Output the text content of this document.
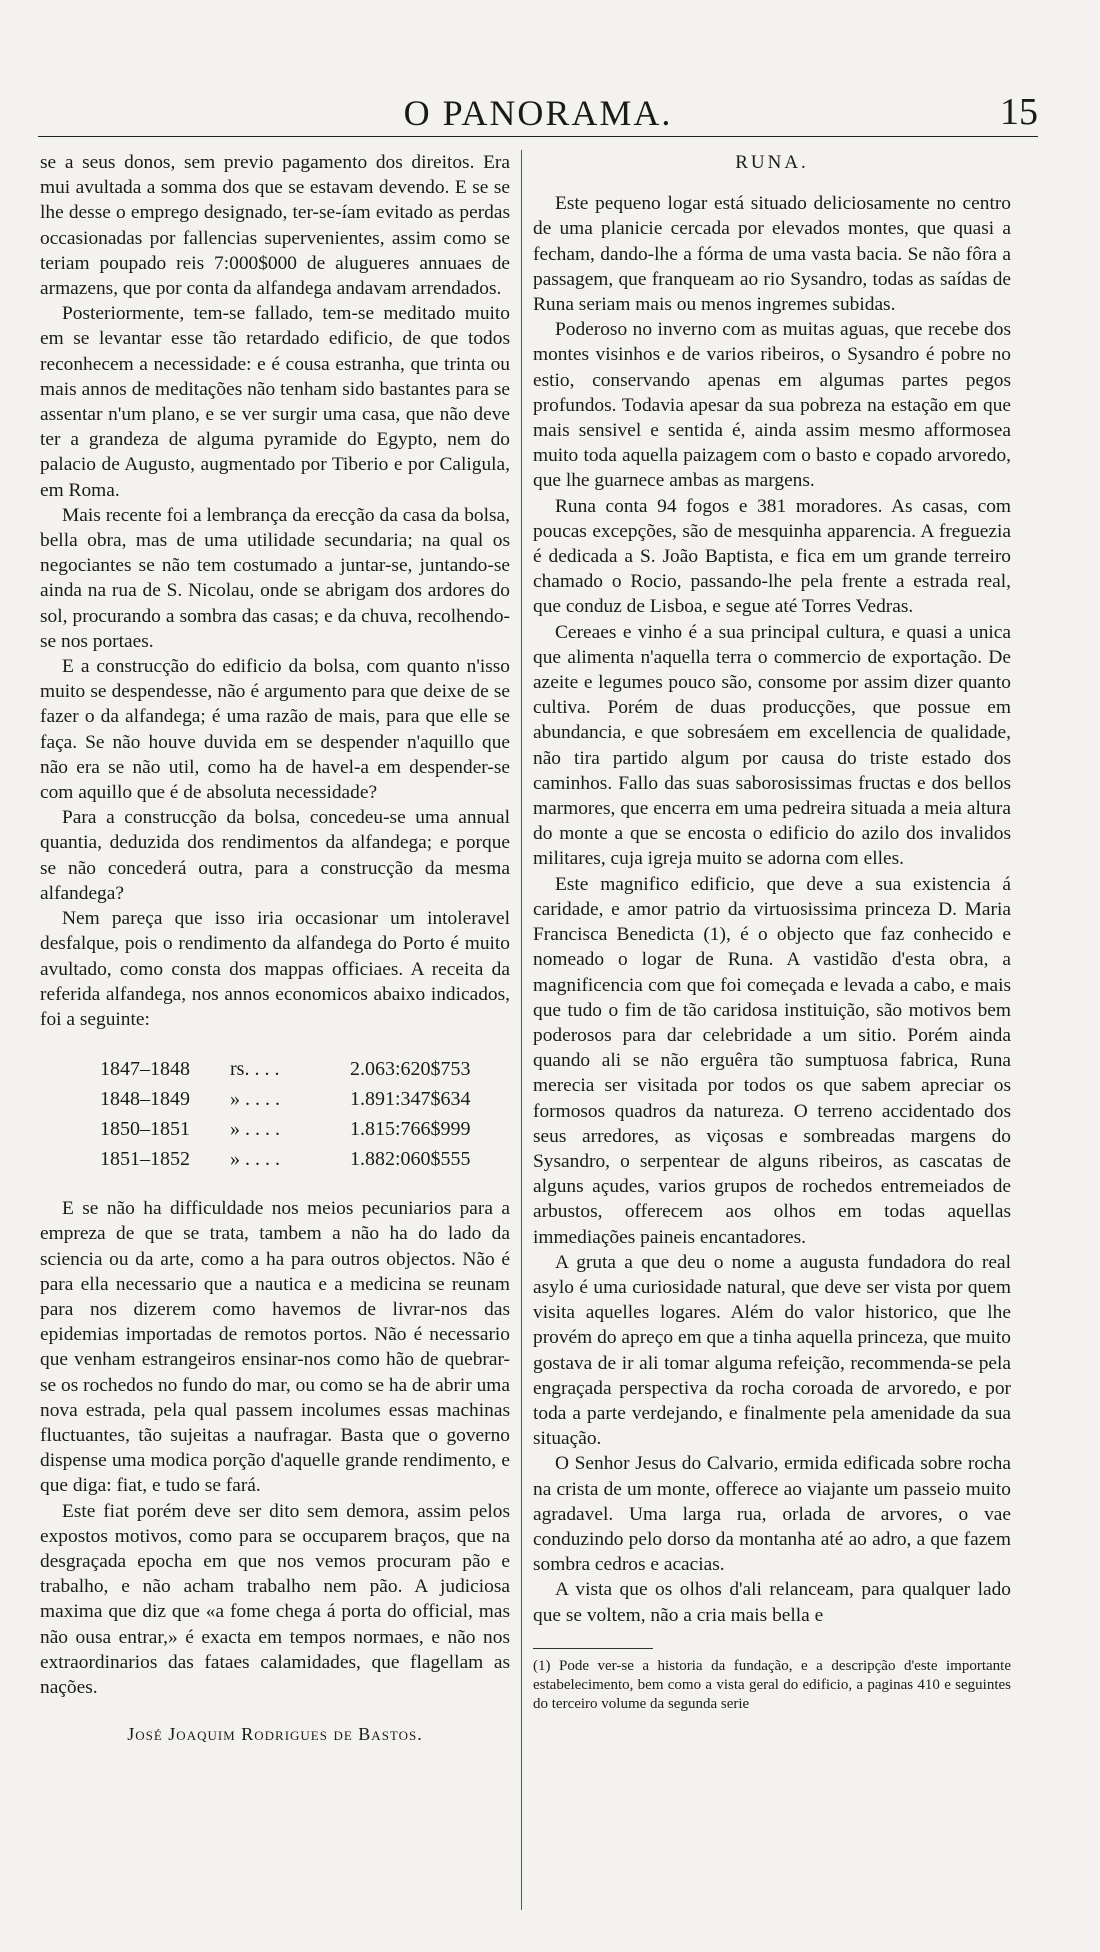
O PANORAMA.	15

se a seus donos, sem previo pagamento dos direitos. Era mui avultada a somma dos que se estavam devendo. E se se lhe desse o emprego designado, ter-se-íam evitado as perdas occasionadas por fallencias supervenientes, assim como se teriam poupado reis 7:000$000 de alugueres annuaes de armazens, que por conta da alfandega andavam arrendados.

Posteriormente, tem-se fallado, tem-se meditado muito em se levantar esse tão retardado edificio, de que todos reconhecem a necessidade: e é cousa estranha, que trinta ou mais annos de meditações não tenham sido bastantes para se assentar n'um plano, e se ver surgir uma casa, que não deve ter a grandeza de alguma pyramide do Egypto, nem do palacio de Augusto, augmentado por Tiberio e por Caligula, em Roma.

Mais recente foi a lembrança da erecção da casa da bolsa, bella obra, mas de uma utilidade secundaria; na qual os negociantes se não tem costumado a juntar-se, juntando-se ainda na rua de S. Nicolau, onde se abrigam dos ardores do sol, procurando a sombra das casas; e da chuva, recolhendo-se nos portaes.

E a construcção do edificio da bolsa, com quanto n'isso muito se despendesse, não é argumento para que deixe de se fazer o da alfandega; é uma razão de mais, para que elle se faça. Se não houve duvida em se despender n'aquillo que não era se não util, como ha de havel-a em despender-se com aquillo que é de absoluta necessidade?

Para a construcção da bolsa, concedeu-se uma annual quantia, deduzida dos rendimentos da alfandega; e porque se não concederá outra, para a construcção da mesma alfandega?

Nem pareça que isso iria occasionar um intoleravel desfalque, pois o rendimento da alfandega do Porto é muito avultado, como consta dos mappas officiaes. A receita da referida alfandega, nos annos economicos abaixo indicados, foi a seguinte:

1847–1848	rs. . . .	2.063:620$753
1848–1849	» . . . .	1.891:347$634
1850–1851	» . . . .	1.815:766$999
1851–1852	» . . . .	1.882:060$555

E se não ha difficuldade nos meios pecuniarios para a empreza de que se trata, tambem a não ha do lado da sciencia ou da arte, como a ha para outros objectos. Não é para ella necessario que a nautica e a medicina se reunam para nos dizerem como havemos de livrar-nos das epidemias importadas de remotos portos. Não é necessario que venham estrangeiros ensinar-nos como hão de quebrar-se os rochedos no fundo do mar, ou como se ha de abrir uma nova estrada, pela qual passem incolumes essas machinas fluctuantes, tão sujeitas a naufragar. Basta que o governo dispense uma modica porção d'aquelle grande rendimento, e que diga: fiat, e tudo se fará.

Este fiat porém deve ser dito sem demora, assim pelos expostos motivos, como para se occuparem braços, que na desgraçada epocha em que nos vemos procuram pão e trabalho, e não acham trabalho nem pão. A judiciosa maxima que diz que «a fome chega á porta do official, mas não ousa entrar,» é exacta em tempos normaes, e não nos extraordinarios das fataes calamidades, que flagellam as nações.

José Joaquim Rodrigues de Bastos.
RUNA.

Este pequeno logar está situado deliciosamente no centro de uma planicie cercada por elevados montes, que quasi a fecham, dando-lhe a fórma de uma vasta bacia. Se não fôra a passagem, que franqueam ao rio Sysandro, todas as saídas de Runa seriam mais ou menos ingremes subidas.

Poderoso no inverno com as muitas aguas, que recebe dos montes visinhos e de varios ribeiros, o Sysandro é pobre no estio, conservando apenas em algumas partes pegos profundos. Todavia apesar da sua pobreza na estação em que mais sensivel e sentida é, ainda assim mesmo afformosea muito toda aquella paizagem com o basto e copado arvoredo, que lhe guarnece ambas as margens.

Runa conta 94 fogos e 381 moradores. As casas, com poucas excepções, são de mesquinha apparencia. A freguezia é dedicada a S. João Baptista, e fica em um grande terreiro chamado o Rocio, passando-lhe pela frente a estrada real, que conduz de Lisboa, e segue até Torres Vedras.

Cereaes e vinho é a sua principal cultura, e quasi a unica que alimenta n'aquella terra o commercio de exportação. De azeite e legumes pouco são, consome por assim dizer quanto cultiva. Porém de duas producções, que possue em abundancia, e que sobresáem em excellencia de qualidade, não tira partido algum por causa do triste estado dos caminhos. Fallo das suas saborosissimas fructas e dos bellos marmores, que encerra em uma pedreira situada a meia altura do monte a que se encosta o edificio do azilo dos invalidos militares, cuja igreja muito se adorna com elles.

Este magnifico edificio, que deve a sua existencia á caridade, e amor patrio da virtuosissima princeza D. Maria Francisca Benedicta (1), é o objecto que faz conhecido e nomeado o logar de Runa. A vastidão d'esta obra, a magnificencia com que foi começada e levada a cabo, e mais que tudo o fim de tão caridosa instituição, são motivos bem poderosos para dar celebridade a um sitio. Porém ainda quando ali se não erguêra tão sumptuosa fabrica, Runa merecia ser visitada por todos os que sabem apreciar os formosos quadros da natureza. O terreno accidentado dos seus arredores, as viçosas e sombreadas margens do Sysandro, o serpentear de alguns ribeiros, as cascatas de alguns açudes, varios grupos de rochedos entremeiados de arbustos, offerecem aos olhos em todas aquellas immediações paineis encantadores.

A gruta a que deu o nome a augusta fundadora do real asylo é uma curiosidade natural, que deve ser vista por quem visita aquelles logares. Além do valor historico, que lhe provém do apreço em que a tinha aquella princeza, que muito gostava de ir ali tomar alguma refeição, recommenda-se pela engraçada perspectiva da rocha coroada de arvoredo, e por toda a parte verdejando, e finalmente pela amenidade da sua situação.

O Senhor Jesus do Calvario, ermida edificada sobre rocha na crista de um monte, offerece ao viajante um passeio muito agradavel. Uma larga rua, orlada de arvores, o vae conduzindo pelo dorso da montanha até ao adro, a que fazem sombra cedros e acacias.

A vista que os olhos d'ali relanceam, para qualquer lado que se voltem, não a cria mais bella e

(1) Pode ver-se a historia da fundação, e a descripção d'este importante estabelecimento, bem como a vista geral do edificio, a paginas 410 e seguintes do terceiro volume da segunda serie
